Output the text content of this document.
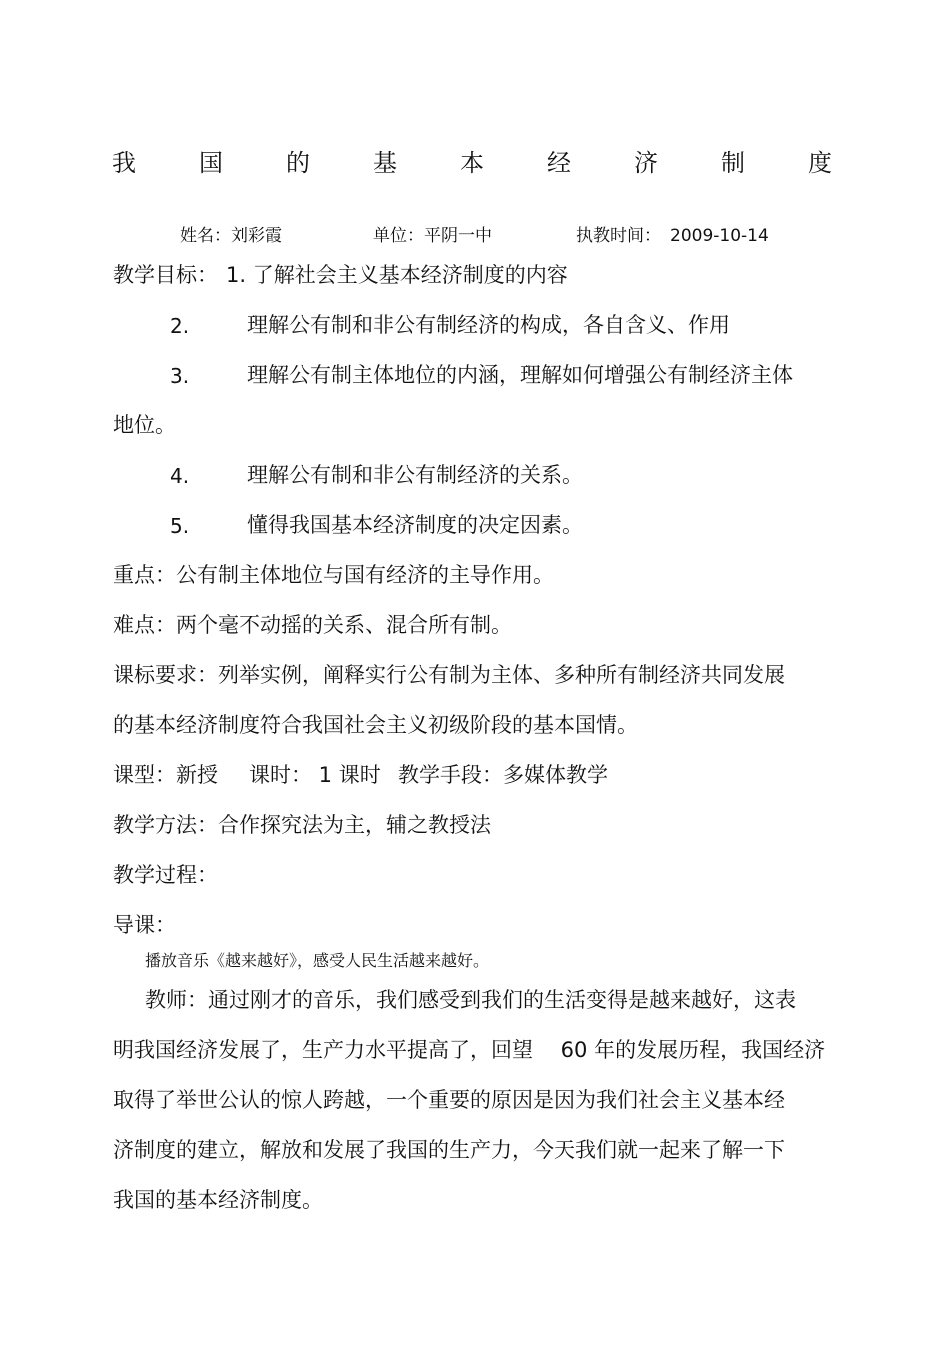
我	国	的	基	本	经	济	制	度
姓名：刘彩霞	单位：平阴一中	执教时间： 2009-10-14
教学目标： 1. 了解社会主义基本经济制度的内容
2.	理解公有制和非公有制经济的构成，各自含义、作用
3.	理解公有制主体地位的内涵，理解如何增强公有制经济主体
地位。
4.	理解公有制和非公有制经济的关系。
5.	懂得我国基本经济制度的决定因素。
重点：公有制主体地位与国有经济的主导作用。
难点：两个毫不动摇的关系、混合所有制。
课标要求：列举实例，阐释实行公有制为主体、多种所有制经济共同发展
的基本经济制度符合我国社会主义初级阶段的基本国情。
课型：新授 课时： 1 课时 教学手段：多媒体教学
教学方法：合作探究法为主，辅之教授法
教学过程：
导课：
播放音乐《越来越好》，感受人民生活越来越好。
教师：通过刚才的音乐，我们感受到我们的生活变得是越来越好，这表
明我国经济发展了，生产力水平提高了，回望　 60 年的发展历程，我国经济
取得了举世公认的惊人跨越，一个重要的原因是因为我们社会主义基本经
济制度的建立，解放和发展了我国的生产力，今天我们就一起来了解一下
我国的基本经济制度。
